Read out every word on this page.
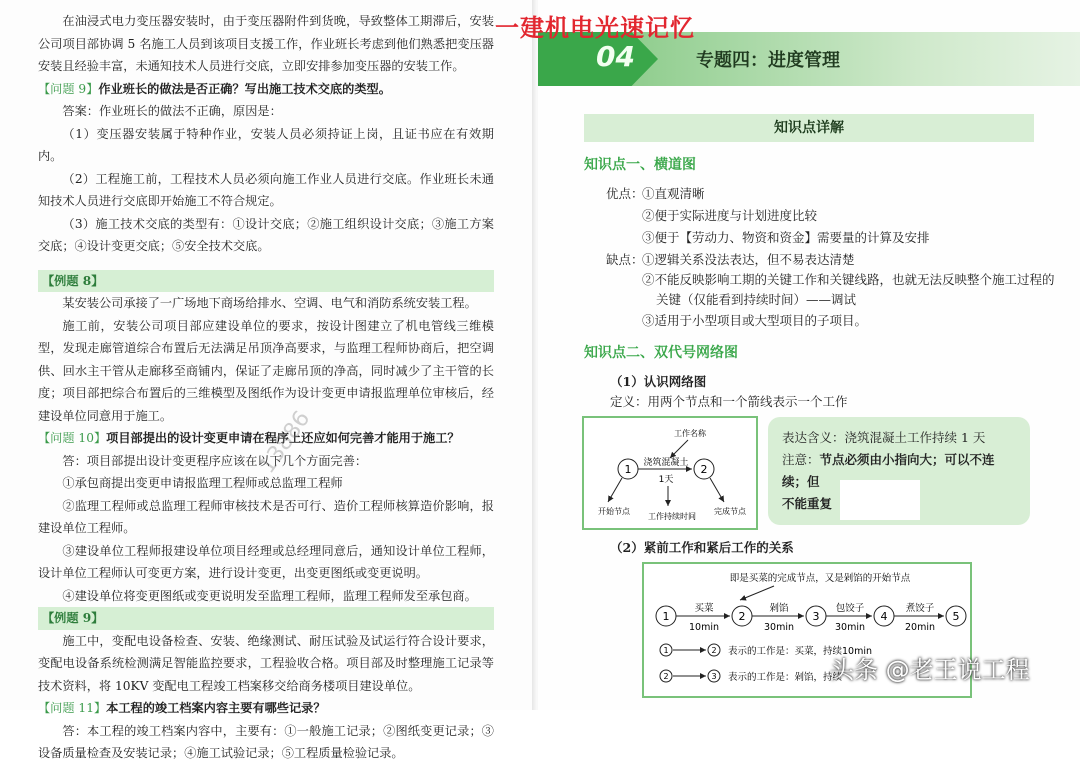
在油浸式电力变压器安装时，由于变压器附件到货晚，导致整体工期滞后，安装公司项目部协调 5 名施工人员到该项目支援工作，作业班长考虑到他们熟悉把变压器安装且经验丰富，未通知技术人员进行交底，立即安排参加变压器的安装工作。

【问题 9】作业班长的做法是否正确？写出施工技术交底的类型。

答案：作业班长的做法不正确，原因是：

（1）变压器安装属于特种作业，安装人员必须持证上岗，且证书应在有效期内。

（2）工程施工前，工程技术人员必须向施工作业人员进行交底。作业班长未通知技术人员进行交底即开始施工不符合规定。

（3）施工技术交底的类型有：①设计交底；②施工组织设计交底；③施工方案交底；④设计变更交底；⑤安全技术交底。

【例题 8】

某安装公司承接了一广场地下商场给排水、空调、电气和消防系统安装工程。

施工前，安装公司项目部应建设单位的要求，按设计图建立了机电管线三维模型，发现走廊管道综合布置后无法满足吊顶净高要求，与监理工程师协商后，把空调供、回水主干管从走廊移至商铺内，保证了走廊吊顶的净高，同时减少了主干管的长度；项目部把综合布置后的三维模型及图纸作为设计变更申请报监理单位审核后，经建设单位同意用于施工。

【问题 10】项目部提出的设计变更申请在程序上还应如何完善才能用于施工？

答：项目部提出设计变更程序应该在以下几个方面完善：

①承包商提出变更申请报监理工程师或总监理工程师

②监理工程师或总监理工程师审核技术是否可行、造价工程师核算造价影响，报建设单位工程师。

③建设单位工程师报建设单位项目经理或总经理同意后，通知设计单位工程师，设计单位工程师认可变更方案，进行设计变更，出变更图纸或变更说明。

④建设单位将变更图纸或变更说明发至监理工程师，监理工程师发至承包商。

【例题 9】

施工中，变配电设备检查、安装、绝缘测试、耐压试验及试运行符合设计要求，变配电设备系统检测满足智能监控要求，工程验收合格。项目部及时整理施工记录等技术资料，将 10KV 变配电工程竣工档案移交给商务楼项目建设单位。

【问题 11】本工程的竣工档案内容主要有哪些记录？

答：本工程的竣工档案内容中，主要有：①一般施工记录；②图纸变更记录；③设备质量检查及安装记录；④施工试验记录；⑤工程质量检验记录。

13886
04	专题四：进度管理
知识点详解
知识点一、横道图
优点：
①直观清晰
②便于实际进度与计划进度比较
③便于【劳动力、物资和资金】需要量的计算及安排
缺点：
①逻辑关系没法表达，但不易表达清楚
②不能反映影响工期的关键工作和关键线路，也就无法反映整个施工过程的
关键（仅能看到持续时间）——调试
③适用于小型项目或大型项目的子项目。
知识点二、双代号网络图
（1）认识网络图
定义：用两个节点和一个箭线表示一个工作
1	2
工作名称
浇筑混凝土
1天
开始节点
工作持续时间
完成节点
表达含义：浇筑混凝土工作持续 1 天
注意：节点必须由小指向大；可以不连续；但
不能重复
（2）紧前工作和紧后工作的关系
即是买菜的完成节点，又是剁馅的开始节点
1	2	3	4	5
买菜
10min
剁馅
30min
包饺子
30min
煮饺子
20min
1	2 表示的工作是：买菜，持续10min
2	3 表示的工作是：剁馅，持续
一建机电光速记忆
头条 @老王说工程
